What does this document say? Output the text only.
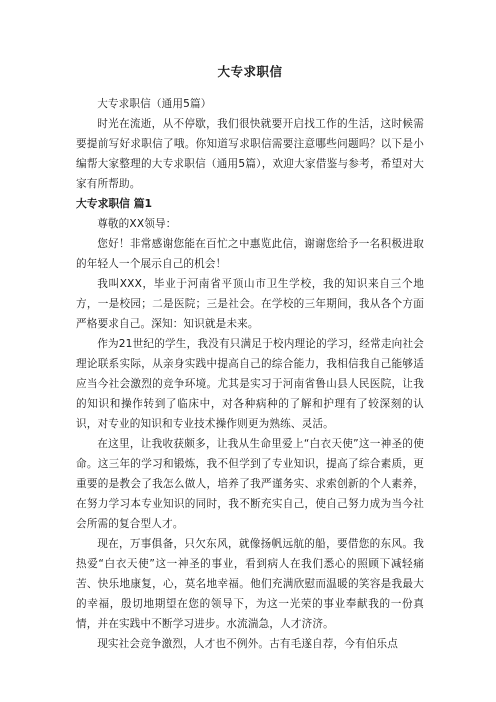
大专求职信

大专求职信（通用5篇）

时光在流逝，从不停歇，我们很快就要开启找工作的生活，这时候需要提前写好求职信了哦。你知道写求职信需要注意哪些问题吗？以下是小编帮大家整理的大专求职信（通用5篇），欢迎大家借鉴与参考，希望对大家有所帮助。

大专求职信 篇1

尊敬的XX领导：

您好！非常感谢您能在百忙之中惠览此信，谢谢您给予一名积极进取的年轻人一个展示自己的机会！

我叫XXX，毕业于河南省平顶山市卫生学校，我的知识来自三个地方，一是校园；二是医院；三是社会。在学校的三年期间，我从各个方面严格要求自己。深知：知识就是未来。

作为21世纪的学生，我没有只满足于校内理论的学习，经常走向社会理论联系实际，从亲身实践中提高自己的综合能力，我相信我自己能够适应当今社会激烈的竞争环境。尤其是实习于河南省鲁山县人民医院，让我的知识和操作转到了临床中，对各种病种的了解和护理有了较深刻的认识，对专业的知识和专业技术操作则更为熟练、灵活。

在这里，让我收获颇多，让我从生命里爱上“白衣天使”这一神圣的使命。这三年的学习和锻炼，我不但学到了专业知识，提高了综合素质，更重要的是教会了我怎么做人，培养了我严谨务实、求索创新的个人素养，在努力学习本专业知识的同时，我不断充实自己，使自己努力成为当今社会所需的复合型人才。

现在，万事俱备，只欠东风，就像扬帆远航的船，要借您的东风。我热爱“白衣天使”这一神圣的事业，看到病人在我们悉心的照顾下减轻痛苦、快乐地康复，心，莫名地幸福。他们充满欣慰而温暖的笑容是我最大的幸福，殷切地期望在您的领导下，为这一光荣的事业奉献我的一份真情，并在实践中不断学习进步。水流湍急，人才济济。

现实社会竞争激烈，人才也不例外。古有毛遂自荐，今有伯乐点
